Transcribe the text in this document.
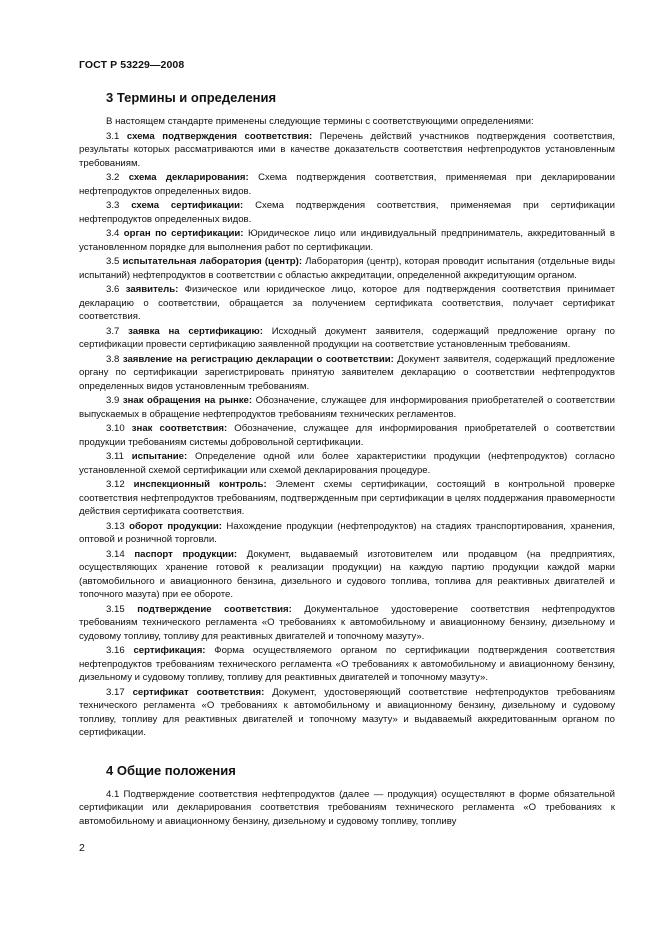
ГОСТ Р 53229—2008
3 Термины и определения

В настоящем стандарте применены следующие термины с соответствующими определениями:

3.1 схема подтверждения соответствия: Перечень действий участников подтверждения соответствия, результаты которых рассматриваются ими в качестве доказательств соответствия нефтепродуктов установленным требованиям.

3.2 схема декларирования: Схема подтверждения соответствия, применяемая при декларировании нефтепродуктов определенных видов.

3.3 схема сертификации: Схема подтверждения соответствия, применяемая при сертификации нефтепродуктов определенных видов.

3.4 орган по сертификации: Юридическое лицо или индивидуальный предприниматель, аккредитованный в установленном порядке для выполнения работ по сертификации.

3.5 испытательная лаборатория (центр): Лаборатория (центр), которая проводит испытания (отдельные виды испытаний) нефтепродуктов в соответствии с областью аккредитации, определенной аккредитующим органом.

3.6 заявитель: Физическое или юридическое лицо, которое для подтверждения соответствия принимает декларацию о соответствии, обращается за получением сертификата соответствия, получает сертификат соответствия.

3.7 заявка на сертификацию: Исходный документ заявителя, содержащий предложение органу по сертификации провести сертификацию заявленной продукции на соответствие установленным требованиям.

3.8 заявление на регистрацию декларации о соответствии: Документ заявителя, содержащий предложение органу по сертификации зарегистрировать принятую заявителем декларацию о соответствии нефтепродуктов определенных видов установленным требованиям.

3.9 знак обращения на рынке: Обозначение, служащее для информирования приобретателей о соответствии выпускаемых в обращение нефтепродуктов требованиям технических регламентов.

3.10 знак соответствия: Обозначение, служащее для информирования приобретателей о соответствии продукции требованиям системы добровольной сертификации.

3.11 испытание: Определение одной или более характеристики продукции (нефтепродуктов) согласно установленной схемой сертификации или схемой декларирования процедуре.

3.12 инспекционный контроль: Элемент схемы сертификации, состоящий в контрольной проверке соответствия нефтепродуктов требованиям, подтвержденным при сертификации в целях поддержания правомерности действия сертификата соответствия.

3.13 оборот продукции: Нахождение продукции (нефтепродуктов) на стадиях транспортирования, хранения, оптовой и розничной торговли.

3.14 паспорт продукции: Документ, выдаваемый изготовителем или продавцом (на предприятиях, осуществляющих хранение готовой к реализации продукции) на каждую партию продукции каждой марки (автомобильного и авиационного бензина, дизельного и судового топлива, топлива для реактивных двигателей и топочного мазута) при ее обороте.

3.15 подтверждение соответствия: Документальное удостоверение соответствия нефтепродуктов требованиям технического регламента «О требованиях к автомобильному и авиационному бензину, дизельному и судовому топливу, топливу для реактивных двигателей и топочному мазуту».

3.16 сертификация: Форма осуществляемого органом по сертификации подтверждения соответствия нефтепродуктов требованиям технического регламента «О требованиях к автомобильному и авиационному бензину, дизельному и судовому топливу, топливу для реактивных двигателей и топочному мазуту».

3.17 сертификат соответствия: Документ, удостоверяющий соответствие нефтепродуктов требованиям технического регламента «О требованиях к автомобильному и авиационному бензину, дизельному и судовому топливу, топливу для реактивных двигателей и топочному мазуту» и выдаваемый аккредитованным органом по сертификации.

4 Общие положения

4.1 Подтверждение соответствия нефтепродуктов (далее — продукция) осуществляют в форме обязательной сертификации или декларирования соответствия требованиям технического регламента «О требованиях к автомобильному и авиационному бензину, дизельному и судовому топливу, топливу

2
